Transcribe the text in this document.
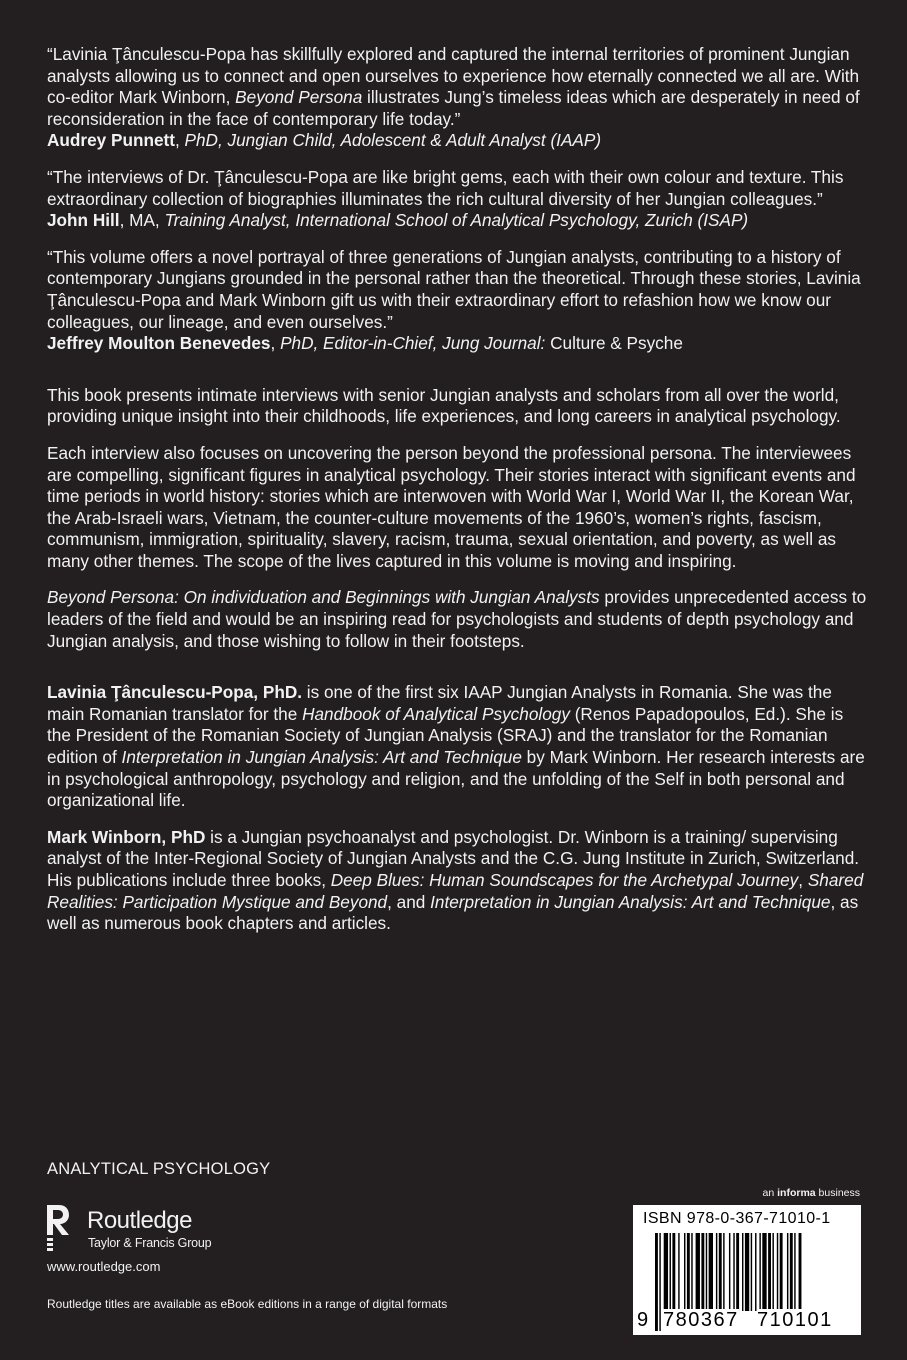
“Lavinia Ţânculescu-Popa has skillfully explored and captured the internal territories of prominent Jungian analysts allowing us to connect and open ourselves to experience how eternally connected we all are. With co-editor Mark Winborn, Beyond Persona illustrates Jung’s timeless ideas which are desperately in need of reconsideration in the face of contemporary life today.”
Audrey Punnett, PhD, Jungian Child, Adolescent & Adult Analyst (IAAP)

“The interviews of Dr. Ţânculescu-Popa are like bright gems, each with their own colour and texture. This extraordinary collection of biographies illuminates the rich cultural diversity of her Jungian colleagues.”
John Hill, MA, Training Analyst, International School of Analytical Psychology, Zurich (ISAP)

“This volume offers a novel portrayal of three generations of Jungian analysts, contributing to a history of contemporary Jungians grounded in the personal rather than the theoretical. Through these stories, Lavinia Ţânculescu-Popa and Mark Winborn gift us with their extraordinary effort to refashion how we know our colleagues, our lineage, and even ourselves.”
Jeffrey Moulton Benevedes, PhD, Editor-in-Chief, Jung Journal: Culture & Psyche

This book presents intimate interviews with senior Jungian analysts and scholars from all over the world, providing unique insight into their childhoods, life experiences, and long careers in analytical psychology.

Each interview also focuses on uncovering the person beyond the professional persona. The interviewees are compelling, significant figures in analytical psychology. Their stories interact with significant events and time periods in world history: stories which are interwoven with World War I, World War II, the Korean War, the Arab-Israeli wars, Vietnam, the counter-culture movements of the 1960’s, women’s rights, fascism, communism, immigration, spirituality, slavery, racism, trauma, sexual orientation, and poverty, as well as many other themes. The scope of the lives captured in this volume is moving and inspiring.

Beyond Persona: On individuation and Beginnings with Jungian Analysts provides unprecedented access to leaders of the field and would be an inspiring read for psychologists and students of depth psychology and Jungian analysis, and those wishing to follow in their footsteps.

Lavinia Ţânculescu-Popa, PhD. is one of the first six IAAP Jungian Analysts in Romania. She was the main Romanian translator for the Handbook of Analytical Psychology (Renos Papadopoulos, Ed.). She is the President of the Romanian Society of Jungian Analysis (SRAJ) and the translator for the Romanian edition of Interpretation in Jungian Analysis: Art and Technique by Mark Winborn. Her research interests are in psychological anthropology, psychology and religion, and the unfolding of the Self in both personal and organizational life.

Mark Winborn, PhD is a Jungian psychoanalyst and psychologist. Dr. Winborn is a training/ supervising analyst of the Inter-Regional Society of Jungian Analysts and the C.G. Jung Institute in Zurich, Switzerland. His publications include three books, Deep Blues: Human Soundscapes for the Archetypal Journey, Shared Realities: Participation Mystique and Beyond, and Interpretation in Jungian Analysis: Art and Technique, as well as numerous book chapters and articles.

ANALYTICAL PSYCHOLOGY
Routledge
Taylor & Francis Group
www.routledge.com
Routledge titles are available as eBook editions in a range of digital formats
an informa business
ISBN 978-0-367-71010-1
9 780367 710101
